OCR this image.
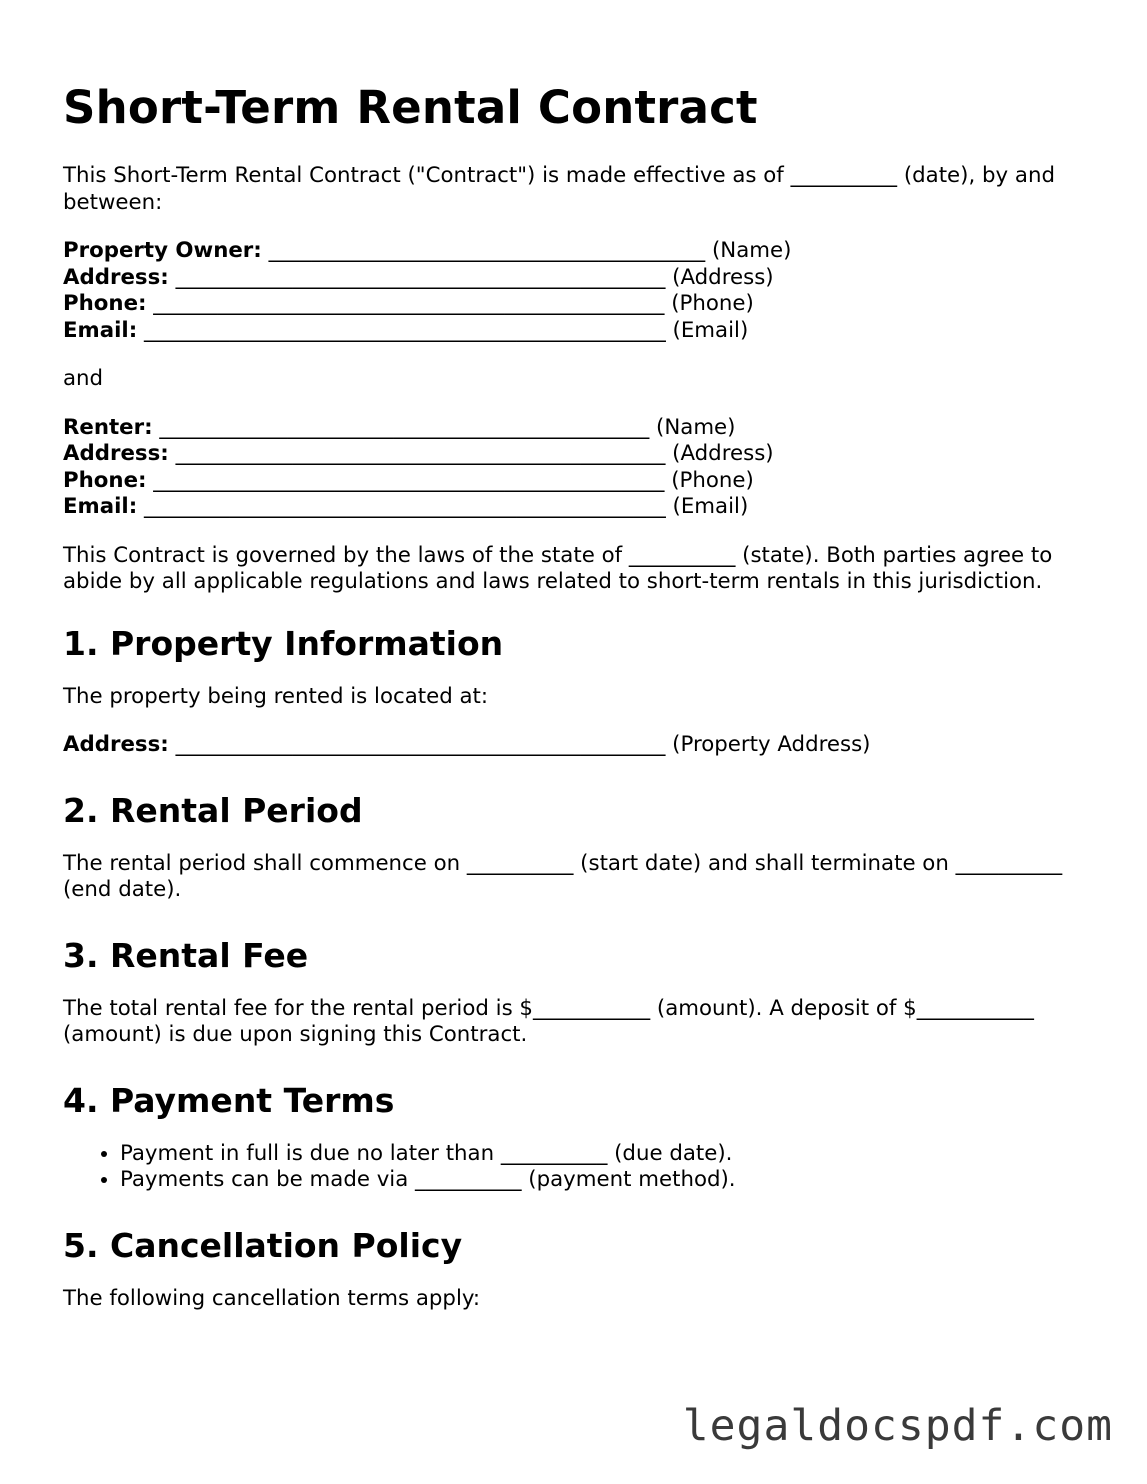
Short-Term Rental Contract

This Short-Term Rental Contract ("Contract") is made effective as of __________ (date), by and between:

Property Owner: _________________________________________ (Name)
Address: ______________________________________________ (Address)
Phone: ________________________________________________ (Phone)
Email: _________________________________________________ (Email)

and

Renter: ______________________________________________ (Name)
Address: ______________________________________________ (Address)
Phone: ________________________________________________ (Phone)
Email: _________________________________________________ (Email)

This Contract is governed by the laws of the state of __________ (state). Both parties agree to abide by all applicable regulations and laws related to short-term rentals in this jurisdiction.

1. Property Information

The property being rented is located at:

Address: ______________________________________________ (Property Address)
2. Rental Period

The rental period shall commence on __________ (start date) and shall terminate on __________ (end date).

3. Rental Fee

The total rental fee for the rental period is $___________ (amount). A deposit of $___________ (amount) is due upon signing this Contract.

4. Payment Terms
• Payment in full is due no later than __________ (due date).
• Payments can be made via __________ (payment method).
5. Cancellation Policy

The following cancellation terms apply:

legaldocspdf.com
